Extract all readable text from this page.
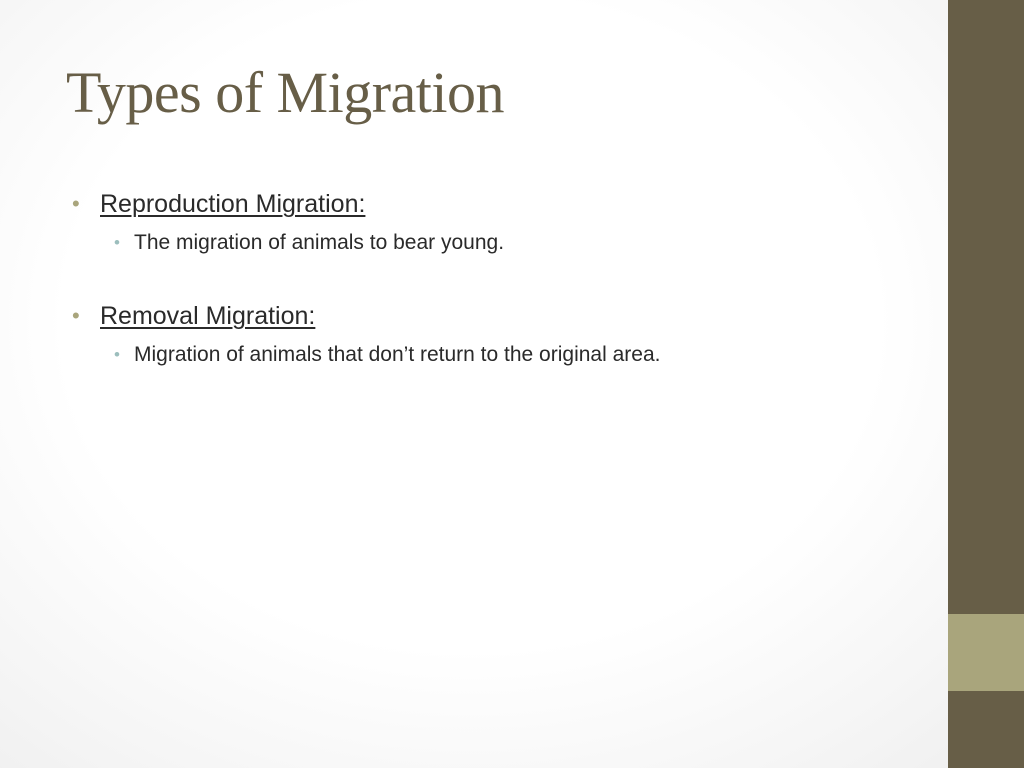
Types of Migration
• Reproduction Migration:
• The migration of animals to bear young.
• Removal Migration:
• Migration of animals that don’t return to the original area.
